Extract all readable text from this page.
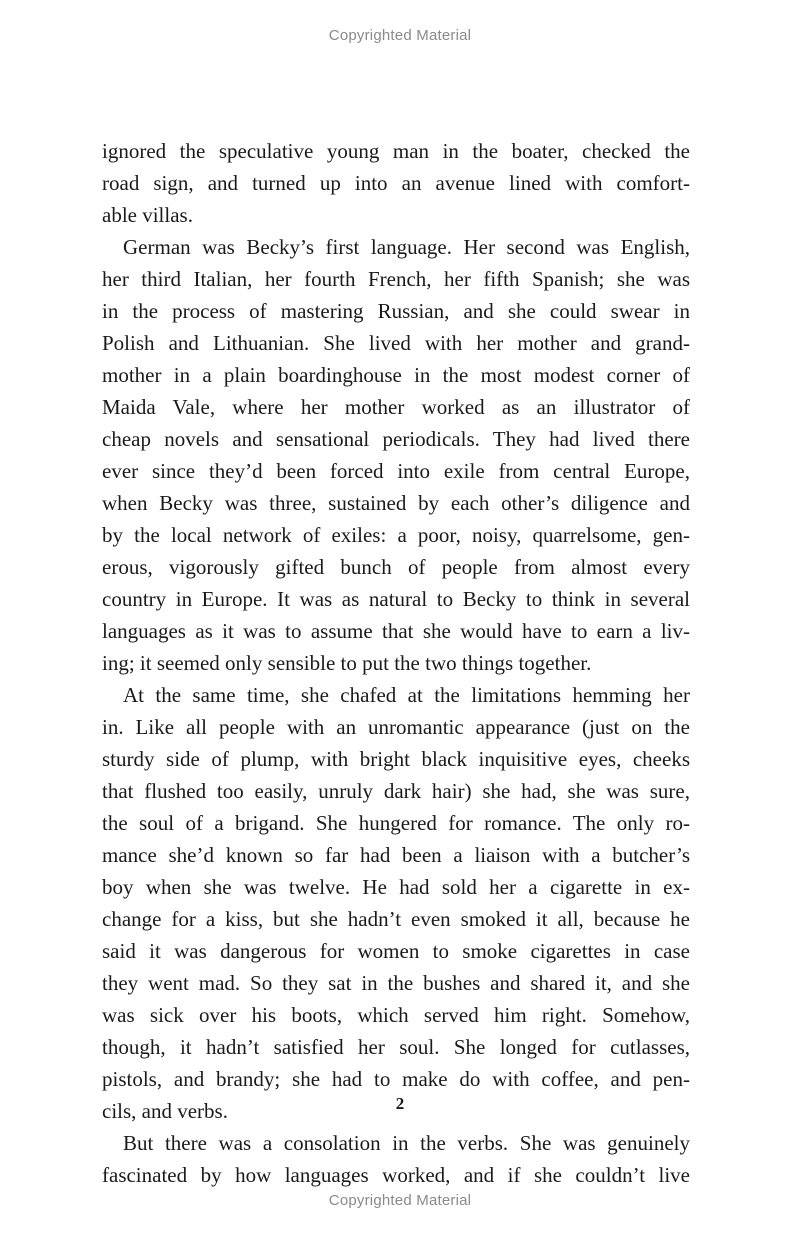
Copyrighted Material
ignored the speculative young man in the boater, checked the
road sign, and turned up into an avenue lined with comfort-
able villas.
 German was Becky’s first language. Her second was English,
her third Italian, her fourth French, her fifth Spanish; she was
in the process of mastering Russian, and she could swear in
Polish and Lithuanian. She lived with her mother and grand-
mother in a plain boardinghouse in the most modest corner of
Maida Vale, where her mother worked as an illustrator of
cheap novels and sensational periodicals. They had lived there
ever since they’d been forced into exile from central Europe,
when Becky was three, sustained by each other’s diligence and
by the local network of exiles: a poor, noisy, quarrelsome, gen-
erous, vigorously gifted bunch of people from almost every
country in Europe. It was as natural to Becky to think in several
languages as it was to assume that she would have to earn a liv-
ing; it seemed only sensible to put the two things together.
 At the same time, she chafed at the limitations hemming her
in. Like all people with an unromantic appearance (just on the
sturdy side of plump, with bright black inquisitive eyes, cheeks
that flushed too easily, unruly dark hair) she had, she was sure,
the soul of a brigand. She hungered for romance. The only ro-
mance she’d known so far had been a liaison with a butcher’s
boy when she was twelve. He had sold her a cigarette in ex-
change for a kiss, but she hadn’t even smoked it all, because he
said it was dangerous for women to smoke cigarettes in case
they went mad. So they sat in the bushes and shared it, and she
was sick over his boots, which served him right. Somehow,
though, it hadn’t satisfied her soul. She longed for cutlasses,
pistols, and brandy; she had to make do with coffee, and pen-
cils, and verbs.
 But there was a consolation in the verbs. She was genuinely
fascinated by how languages worked, and if she couldn’t live
2
Copyrighted Material
